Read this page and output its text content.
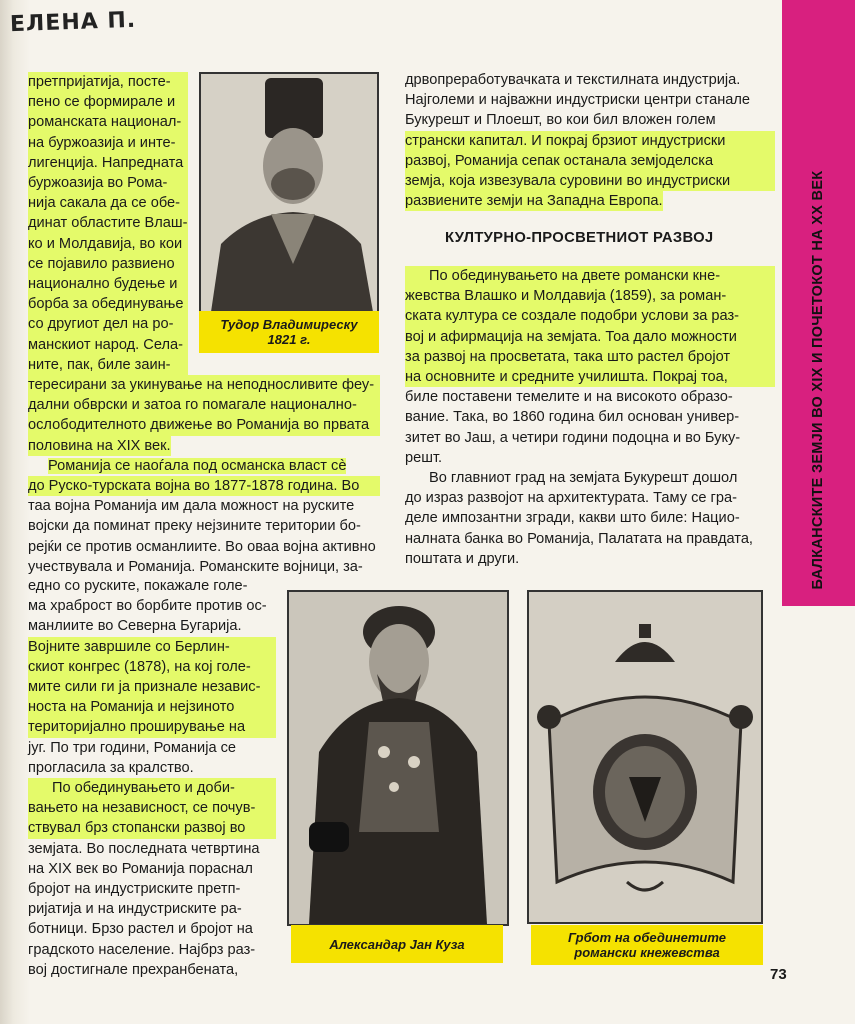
ЕЛЕНА П.
БАЛКАНСКИТЕ ЗЕМЈИ ВО XIX И ПОЧЕТОКОТ НА XX ВЕК

претпријатија, посте-

пено се формирале и

романската национал-

на буржоазија и инте-

лигенција. Напредната

буржоазија во Рома-

нија сакала да се обе-

динат областите Влаш-

ко и Молдавија, во кои

се појавило развиено

национално будење и

борба за обединување

со другиот дел на ро-

манскиот народ. Села-

ните, пак, биле заин-

Тудор Владимиреску
1821 г.

тересирани за укинување на неподносливите феу-

дални обврски и затоа го помагале национално-

ослободителното движење во Романија во првата

половина на XIX век.

Романија се наоѓала под османска власт сè

до Руско-турската војна во 1877-1878 година. Во

таа војна Романија им дала можност на руските

војски да поминат преку нејзините територии бо-

рејќи се против османлиите. Во оваа војна активно

учествувала и Романија. Романските војници, за-

едно со руските, покажале голе-

ма храброст во борбите против ос-

манлиите во Северна Бугарија.

Војните завршиле со Берлин-

скиот конгрес (1878), на кој голе-

мите сили ги ја признале независ-

носта на Романија и нејзиното

територијално проширување на

југ. По три години, Романија се

прогласила за кралство.

По обединувањето и доби-

вањето на независност, се почув-

ствувал брз стопански развој во

земјата. Во последната четвртина

на XIX век во Романија пораснал

бројот на индустриските претп-

ријатија и на индустриските ра-

ботници. Брзо растел и бројот на

градското население. Најбрз раз-

вој достигнале прехранбената,

Александар Јан Куза	Грбот на обединетите
романски кнежевства

дрвопреработувачката и текстилната индустрија.

Најголеми и најважни индустриски центри станале

Букурешт и Плоешт, во кои бил вложен голем

странски капитал. И покрај брзиот индустриски

развој, Романија сепак останала земјоделска

земја, која извезувала суровини во индустриски

развиените земји на Западна Европа.

КУЛТУРНО-ПРОСВЕТНИОТ РАЗВОЈ

По обединувањето на двете романски кне-

жевства Влашко и Молдавија (1859), за роман-

ската култура се создале подобри услови за раз-

вој и афирмација на земјата. Тоа дало можности

за развој на просветата, така што растел бројот

на основните и средните училишта. Покрај тоа,

биле поставени темелите и на високото образо-

вание. Така, во 1860 година бил основан универ-

зитет во Јаш, а четири години подоцна и во Буку-

решт.

Во главниот град на земјата Букурешт дошол

до израз развојот на архитектурата. Таму се гра-

деле импозантни згради, какви што биле: Нацио-

налната банка во Романија, Палатата на правдата,

поштата и други.

73
